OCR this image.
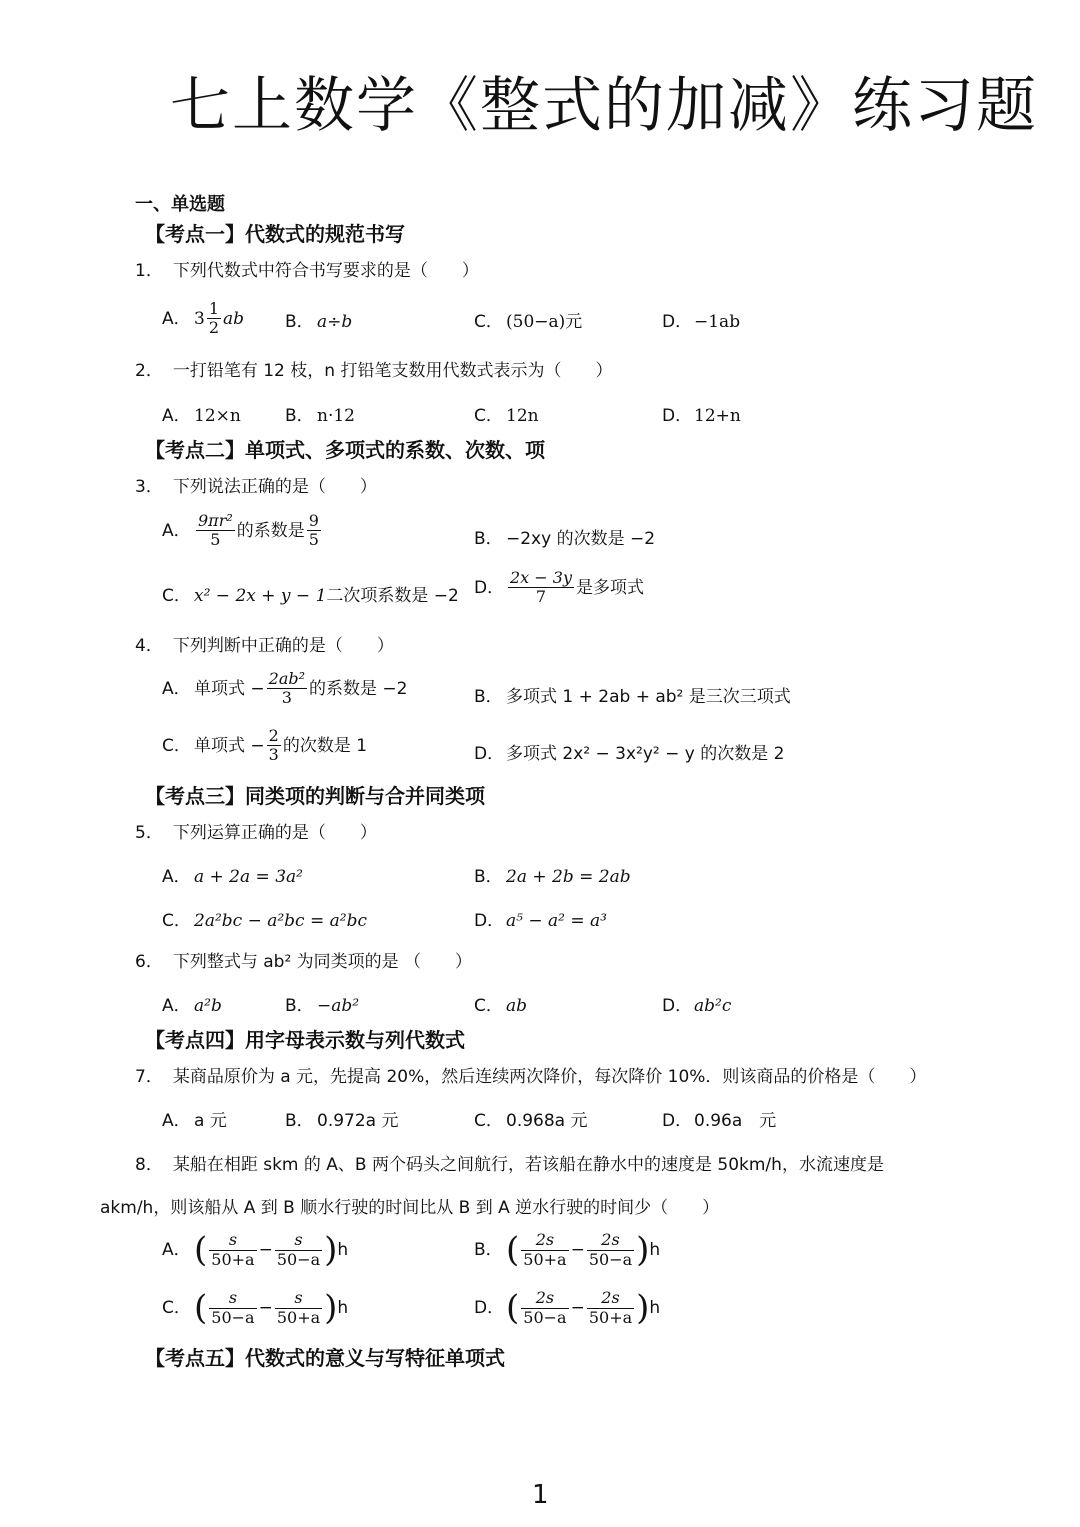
七上数学《整式的加减》练习题
一、单选题
【考点一】代数式的规范书写
1． 下列代数式中符合书写要求的是（　　）
A． $3 \frac{1}{2}$ ab B． a÷b	C． (50−a)元	D． −1ab
2． 一打铅笔有 12 枝，n 打铅笔支数用代数式表示为（　　）
A． 12×n	B． n·12	C． 12n	D． 12+n
【考点二】单项式、多项式的系数、次数、项
3． 下列说法正确的是（　　）
A． $\frac{\text{9πr²}}{5}$ 的系数是 $\frac{9}{5}$	B． −2xy 的次数是 −2
C． x² − 2x + y − 1二次项系数是 −2 D． $\frac{2x - 3y}{7}$ 是多项式
4． 下列判断中正确的是（　　）
A． 单项式 − $\frac{\text{2ab²}}{3}$ 的系数是 −2	B． 多项式 1 + 2ab + ab² 是三次三项式
C． 单项式 − $\frac{2}{3}$ 的次数是 1	D． 多项式 2x² − 3x²y² − y 的次数是 2
【考点三】同类项的判断与合并同类项
5． 下列运算正确的是（　　）
A． a + 2a = 3a²	B． 2a + 2b = 2ab
C． 2a²bc − a²bc = a²bc	D． a⁵ − a² = a³
6． 下列整式与 ab² 为同类项的是 （　　）
A． a²b	B． −ab²	C． ab	D． ab²c
【考点四】用字母表示数与列代数式
7． 某商品原价为 a 元，先提高 20%，然后连续两次降价，每次降价 10%．则该商品的价格是（　　）
A． a 元	B． 0.972a 元	C． 0.968a 元	D． 0.96a　元
8． 某船在相距 skm 的 A、B 两个码头之间航行，若该船在静水中的速度是 50km/h，水流速度是
akm/h，则该船从 A 到 B 顺水行驶的时间比从 B 到 A 逆水行驶的时间少（　　）
A．( $\frac{s}{50+a} - \frac{s}{50-a} )h$	B．( $\frac{2s}{50+a} - \frac{2s}{50-a} )h$
C．( $\frac{s}{50-a} - \frac{s}{50+a} )h$	D．( $\frac{2s}{50-a} - \frac{2s}{50+a} )h$
【考点五】代数式的意义与写特征单项式
1
